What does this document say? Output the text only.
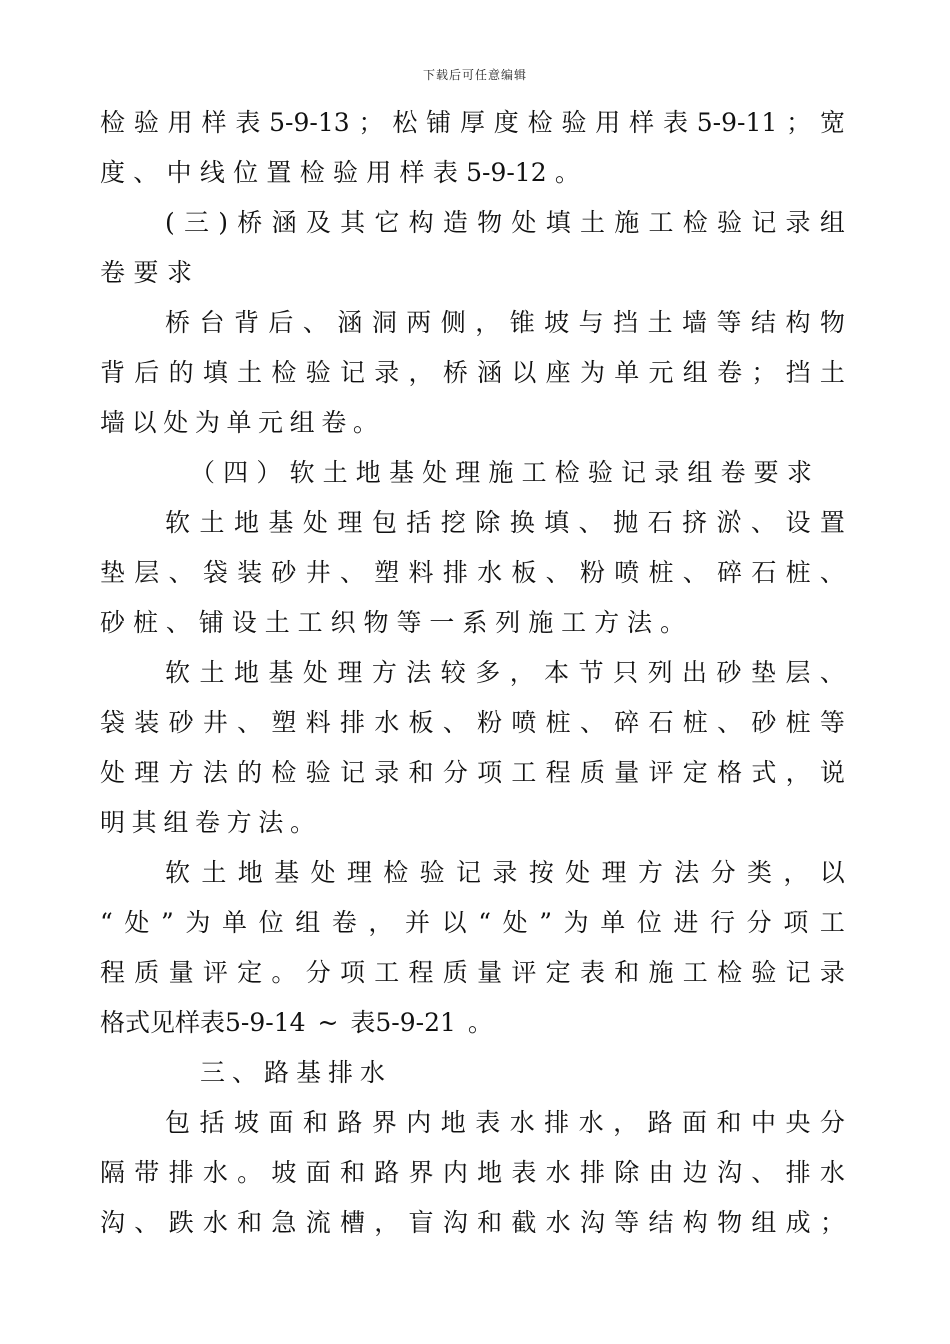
下载后可任意编辑
检 验 用 样 表 5-9-13 ； 松 铺 厚 度 检 验 用 样 表 5-9-11 ； 宽
度 、 中 线 位 置 检 验 用 样 表 5-9-12 。
( 三 ) 桥 涵 及 其 它 构 造 物 处 填 土 施 工 检 验 记 录 组
卷 要 求
桥 台 背 后 、 涵 洞 两 侧 ， 锥 坡 与 挡 土 墙 等 结 构 物
背 后 的 填 土 检 验 记 录 ， 桥 涵 以 座 为 单 元 组 卷 ； 挡 土
墙 以 处 为 单 元 组 卷 。
（ 四 ） 软 土 地 基 处 理 施 工 检 验 记 录 组 卷 要 求
软 土 地 基 处 理 包 括 挖 除 换 填 、 抛 石 挤 淤 、 设 置
垫 层 、 袋 装 砂 井 、 塑 料 排 水 板 、 粉 喷 桩 、 碎 石 桩 、
砂 桩 、 铺 设 土 工 织 物 等 一 系 列 施 工 方 法 。
软 土 地 基 处 理 方 法 较 多 ， 本 节 只 列 出 砂 垫 层 、
袋 装 砂 井 、 塑 料 排 水 板 、 粉 喷 桩 、 碎 石 桩 、 砂 桩 等
处 理 方 法 的 检 验 记 录 和 分 项 工 程 质 量 评 定 格 式 ， 说
明 其 组 卷 方 法 。
软 土 地 基 处 理 检 验 记 录 按 处 理 方 法 分 类 ， 以
“ 处 ” 为 单 位 组 卷 ， 并 以 “ 处 ” 为 单 位 进 行 分 项 工
程 质 量 评 定 。 分 项 工 程 质 量 评 定 表 和 施 工 检 验 记 录
格式见样表5-9-14 ~ 表5-9-21 。
三 、 路 基 排 水
包 括 坡 面 和 路 界 内 地 表 水 排 水 ， 路 面 和 中 央 分
隔 带 排 水 。 坡 面 和 路 界 内 地 表 水 排 除 由 边 沟 、 排 水
沟 、 跌 水 和 急 流 槽 ， 盲 沟 和 截 水 沟 等 结 构 物 组 成 ；
